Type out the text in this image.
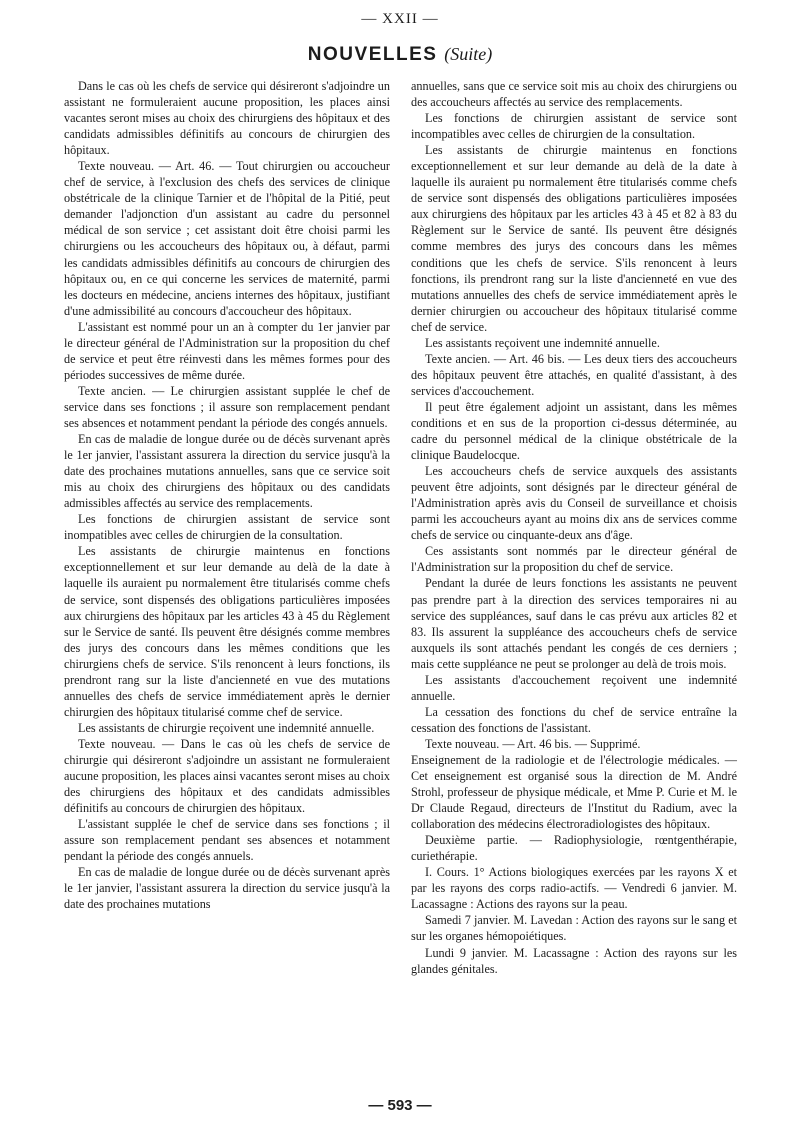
— XXII —
NOUVELLES (Suite)

Dans le cas où les chefs de service qui désireront s'adjoindre un assistant ne formuleraient aucune proposition, les places ainsi vacantes seront mises au choix des chirurgiens des hôpitaux et des candidats admissibles définitifs au concours de chirurgien des hôpitaux.

Texte nouveau. — Art. 46. — Tout chirurgien ou accoucheur chef de service, à l'exclusion des chefs des services de clinique obstétricale de la clinique Tarnier et de l'hôpital de la Pitié, peut demander l'adjonction d'un assistant au cadre du personnel médical de son service ; cet assistant doit être choisi parmi les chirurgiens ou les accoucheurs des hôpitaux ou, à défaut, parmi les candidats admissibles définitifs au concours de chirurgien des hôpitaux ou, en ce qui concerne les services de maternité, parmi les docteurs en médecine, anciens internes des hôpitaux, justifiant d'une admissibilité au concours d'accoucheur des hôpitaux.

L'assistant est nommé pour un an à compter du 1er janvier par le directeur général de l'Administration sur la proposition du chef de service et peut être réinvesti dans les mêmes formes pour des périodes successives de même durée.

Texte ancien. — Le chirurgien assistant supplée le chef de service dans ses fonctions ; il assure son remplacement pendant ses absences et notamment pendant la période des congés annuels.

En cas de maladie de longue durée ou de décès survenant après le 1er janvier, l'assistant assurera la direction du service jusqu'à la date des prochaines mutations annuelles, sans que ce service soit mis au choix des chirurgiens des hôpitaux ou des candidats admissibles affectés au service des remplacements.

Les fonctions de chirurgien assistant de service sont inompatibles avec celles de chirurgien de la consultation.

Les assistants de chirurgie maintenus en fonctions exceptionnellement et sur leur demande au delà de la date à laquelle ils auraient pu normalement être titularisés comme chefs de service, sont dispensés des obligations particulières imposées aux chirurgiens des hôpitaux par les articles 43 à 45 du Règlement sur le Service de santé. Ils peuvent être désignés comme membres des jurys des concours dans les mêmes conditions que les chirurgiens chefs de service. S'ils renoncent à leurs fonctions, ils prendront rang sur la liste d'ancienneté en vue des mutations annuelles des chefs de service immédiatement après le dernier chirurgien des hôpitaux titularisé comme chef de service.

Les assistants de chirurgie reçoivent une indemnité annuelle.

Texte nouveau. — Dans le cas où les chefs de service de chirurgie qui désireront s'adjoindre un assistant ne formuleraient aucune proposition, les places ainsi vacantes seront mises au choix des chirurgiens des hôpitaux et des candidats admissibles définitifs au concours de chirurgien des hôpitaux.

L'assistant supplée le chef de service dans ses fonctions ; il assure son remplacement pendant ses absences et notamment pendant la période des congés annuels.

En cas de maladie de longue durée ou de décès survenant après le 1er janvier, l'assistant assurera la direction du service jusqu'à la date des prochaines mutations

annuelles, sans que ce service soit mis au choix des chirurgiens ou des accoucheurs affectés au service des remplacements.

Les fonctions de chirurgien assistant de service sont incompatibles avec celles de chirurgien de la consultation.

Les assistants de chirurgie maintenus en fonctions exceptionnellement et sur leur demande au delà de la date à laquelle ils auraient pu normalement être titularisés comme chefs de service sont dispensés des obligations particulières imposées aux chirurgiens des hôpitaux par les articles 43 à 45 et 82 à 83 du Règlement sur le Service de santé. Ils peuvent être désignés comme membres des jurys des concours dans les mêmes conditions que les chefs de service. S'ils renoncent à leurs fonctions, ils prendront rang sur la liste d'ancienneté en vue des mutations annuelles des chefs de service immédiatement après le dernier chirurgien ou accoucheur des hôpitaux titularisé comme chef de service.

Les assistants reçoivent une indemnité annuelle.

Texte ancien. — Art. 46 bis. — Les deux tiers des accoucheurs des hôpitaux peuvent être attachés, en qualité d'assistant, à des services d'accouchement.

Il peut être également adjoint un assistant, dans les mêmes conditions et en sus de la proportion ci-dessus déterminée, au cadre du personnel médical de la clinique obstétricale de la clinique Baudelocque.

Les accoucheurs chefs de service auxquels des assistants peuvent être adjoints, sont désignés par le directeur général de l'Administration après avis du Conseil de surveillance et choisis parmi les accoucheurs ayant au moins dix ans de services comme chefs de service ou cinquante-deux ans d'âge.

Ces assistants sont nommés par le directeur général de l'Administration sur la proposition du chef de service.

Pendant la durée de leurs fonctions les assistants ne peuvent pas prendre part à la direction des services temporaires ni au service des suppléances, sauf dans le cas prévu aux articles 82 et 83. Ils assurent la suppléance des accoucheurs chefs de service auxquels ils sont attachés pendant les congés de ces derniers ; mais cette suppléance ne peut se prolonger au delà de trois mois.

Les assistants d'accouchement reçoivent une indemnité annuelle.

La cessation des fonctions du chef de service entraîne la cessation des fonctions de l'assistant.

Texte nouveau. — Art. 46 bis. — Supprimé.

Enseignement de la radiologie et de l'électrologie médicales. — Cet enseignement est organisé sous la direction de M. André Strohl, professeur de physique médicale, et Mme P. Curie et M. le Dr Claude Regaud, directeurs de l'Institut du Radium, avec la collaboration des médecins électroradiologistes des hôpitaux.

Deuxième partie. — Radiophysiologie, rœntgenthérapie, curiethérapie.

I. Cours. 1° Actions biologiques exercées par les rayons X et par les rayons des corps radio-actifs. — Vendredi 6 janvier. M. Lacassagne : Actions des rayons sur la peau.

Samedi 7 janvier. M. Lavedan : Action des rayons sur le sang et sur les organes hémopoiétiques.

Lundi 9 janvier. M. Lacassagne : Action des rayons sur les glandes génitales.

— 593 —
